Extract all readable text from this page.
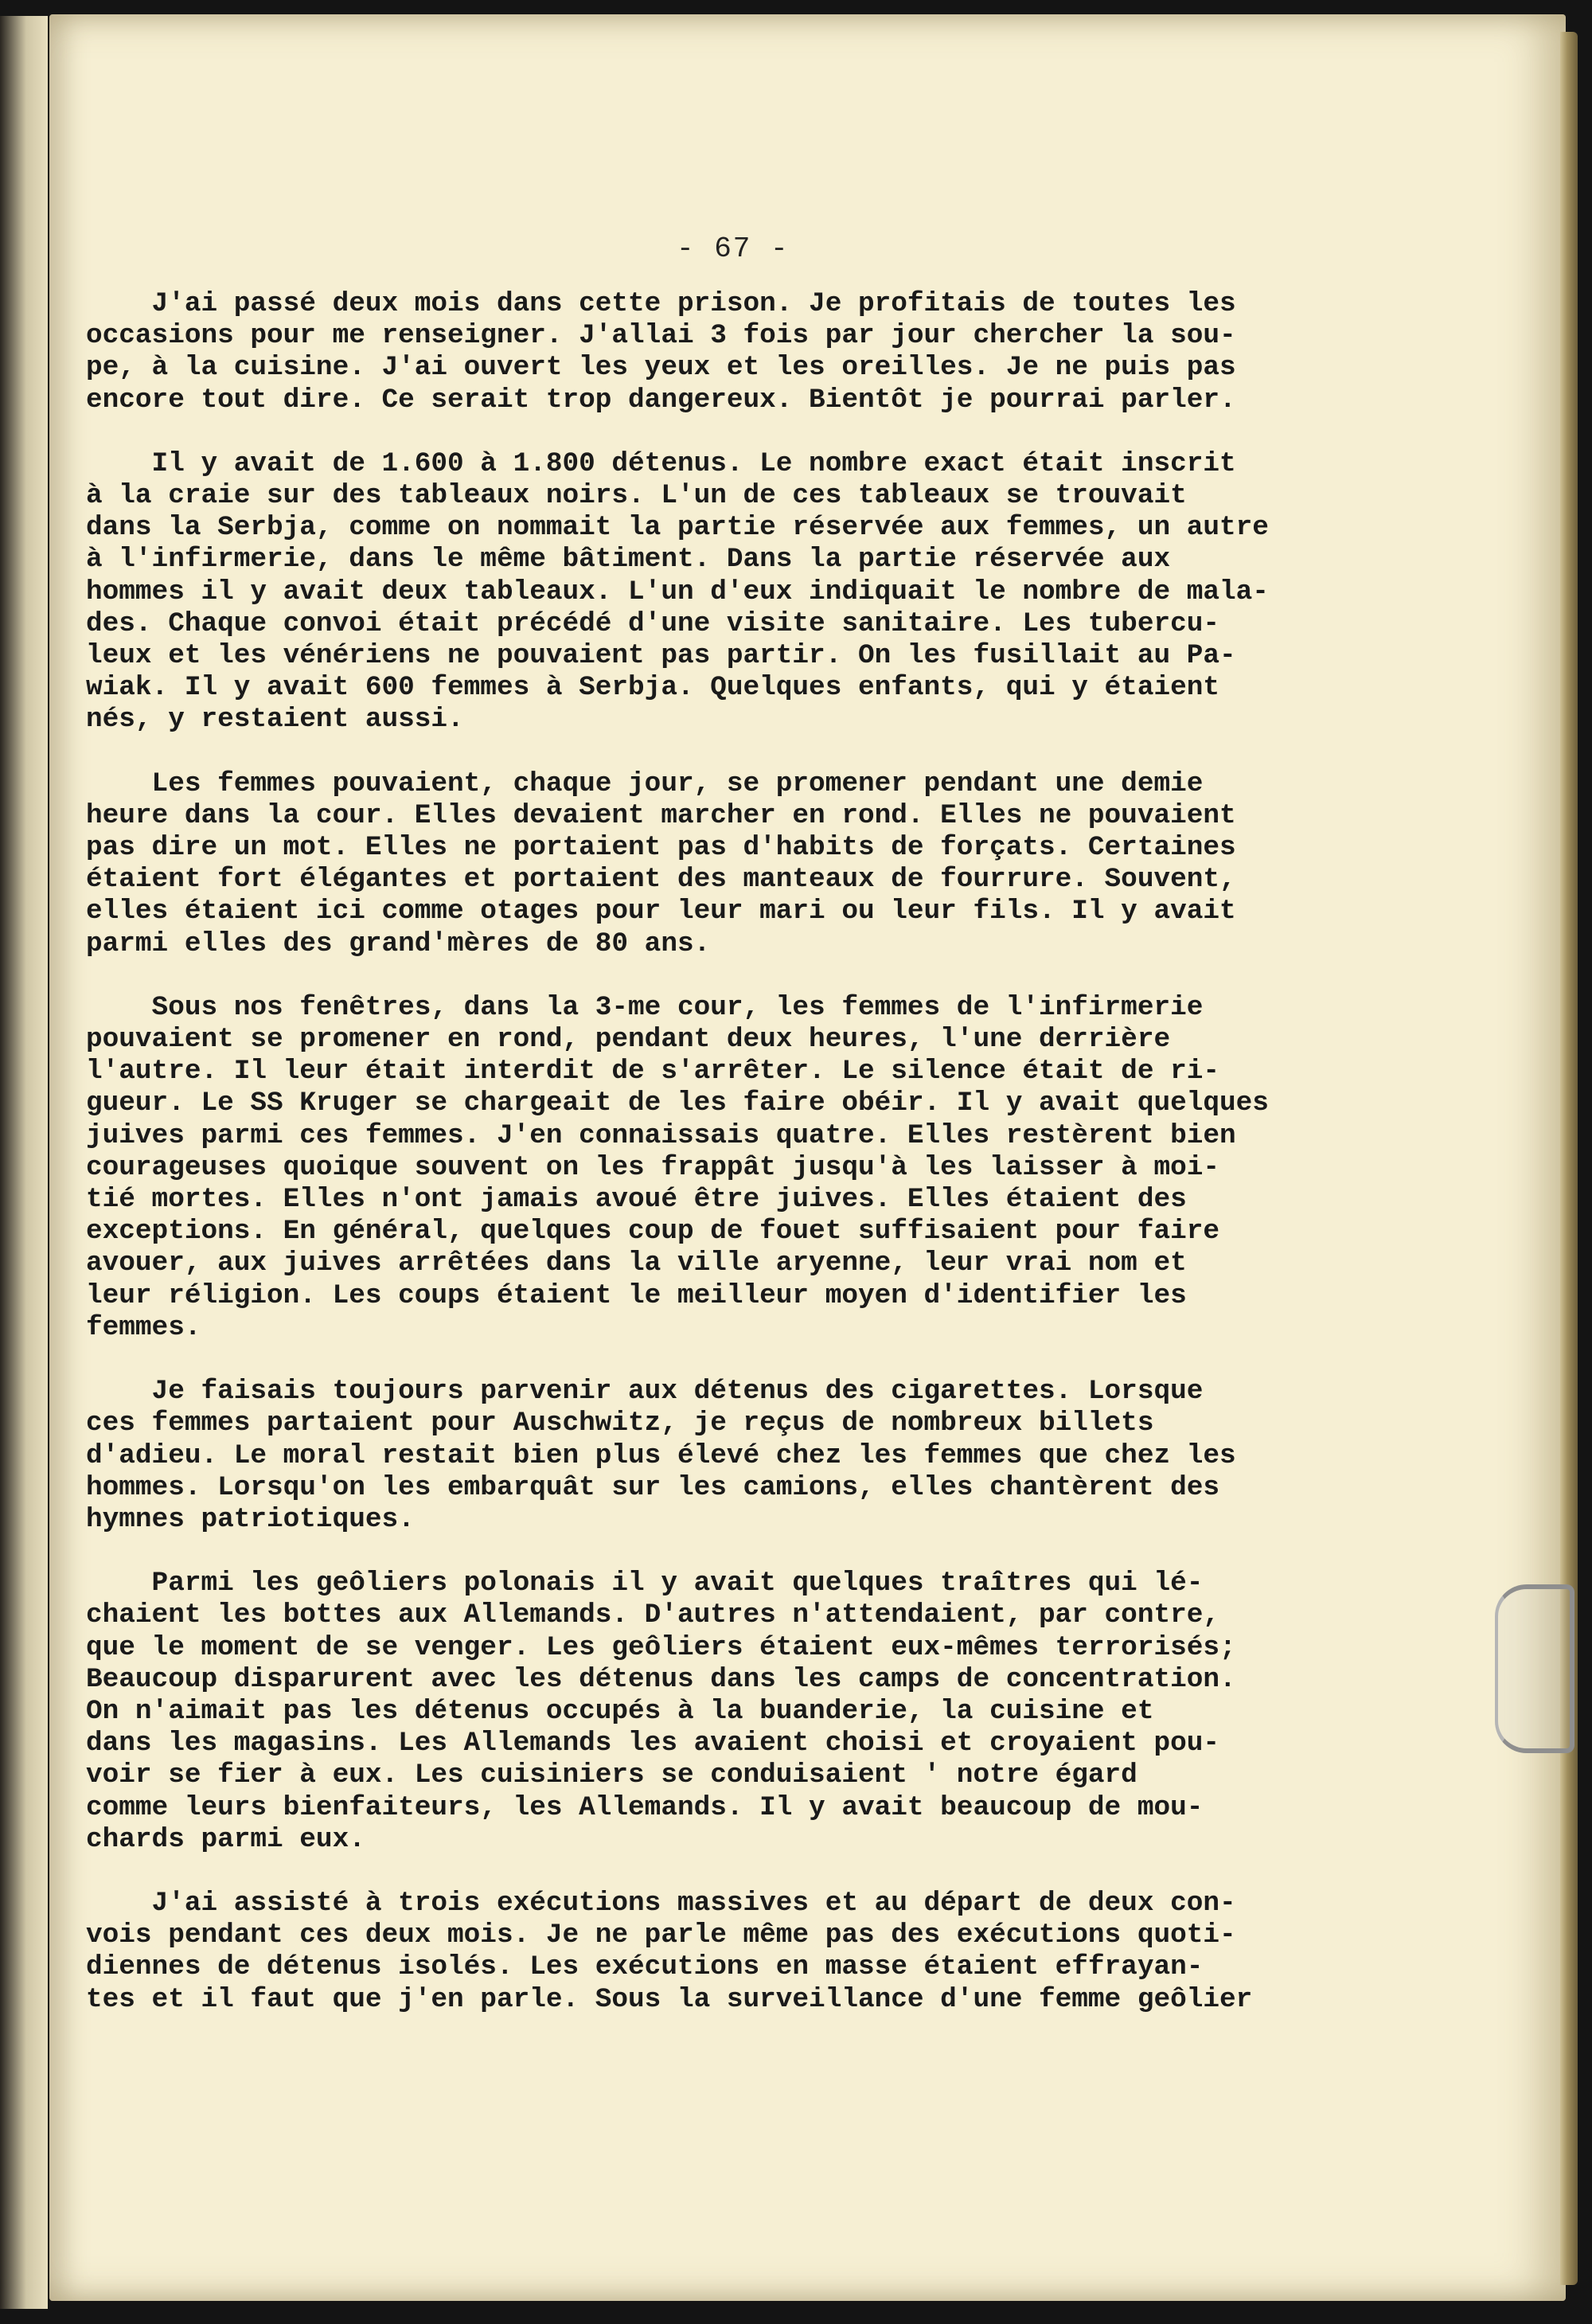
- 67 -
J'ai passé deux mois dans cette prison. Je profitais de toutes les
occasions pour me renseigner. J'allai 3 fois par jour chercher la sou-
pe, à la cuisine. J'ai ouvert les yeux et les oreilles. Je ne puis pas
encore tout dire. Ce serait trop dangereux. Bientôt je pourrai parler.
Il y avait de 1.600 à 1.800 détenus. Le nombre exact était inscrit
à la craie sur des tableaux noirs. L'un de ces tableaux se trouvait
dans la Serbja, comme on nommait la partie réservée aux femmes, un autre
à l'infirmerie, dans le même bâtiment. Dans la partie réservée aux
hommes il y avait deux tableaux. L'un d'eux indiquait le nombre de mala-
des. Chaque convoi était précédé d'une visite sanitaire. Les tubercu-
leux et les vénériens ne pouvaient pas partir. On les fusillait au Pa-
wiak. Il y avait 600 femmes à Serbja. Quelques enfants, qui y étaient
nés, y restaient aussi.
Les femmes pouvaient, chaque jour, se promener pendant une demie
heure dans la cour. Elles devaient marcher en rond. Elles ne pouvaient
pas dire un mot. Elles ne portaient pas d'habits de forçats. Certaines
étaient fort élégantes et portaient des manteaux de fourrure. Souvent,
elles étaient ici comme otages pour leur mari ou leur fils. Il y avait
parmi elles des grand'mères de 80 ans.
Sous nos fenêtres, dans la 3-me cour, les femmes de l'infirmerie
pouvaient se promener en rond, pendant deux heures, l'une derrière
l'autre. Il leur était interdit de s'arrêter. Le silence était de ri-
gueur. Le SS Kruger se chargeait de les faire obéir. Il y avait quelques
juives parmi ces femmes. J'en connaissais quatre. Elles restèrent bien
courageuses quoique souvent on les frappât jusqu'à les laisser à moi-
tié mortes. Elles n'ont jamais avoué être juives. Elles étaient des
exceptions. En général, quelques coup de fouet suffisaient pour faire
avouer, aux juives arrêtées dans la ville aryenne, leur vrai nom et
leur réligion. Les coups étaient le meilleur moyen d'identifier les
femmes.
Je faisais toujours parvenir aux détenus des cigarettes. Lorsque
ces femmes partaient pour Auschwitz, je reçus de nombreux billets
d'adieu. Le moral restait bien plus élevé chez les femmes que chez les
hommes. Lorsqu'on les embarquât sur les camions, elles chantèrent des
hymnes patriotiques.
Parmi les geôliers polonais il y avait quelques traîtres qui lé-
chaient les bottes aux Allemands. D'autres n'attendaient, par contre,
que le moment de se venger. Les geôliers étaient eux-mêmes terrorisés;
Beaucoup disparurent avec les détenus dans les camps de concentration.
On n'aimait pas les détenus occupés à la buanderie, la cuisine et
dans les magasins. Les Allemands les avaient choisi et croyaient pou-
voir se fier à eux. Les cuisiniers se conduisaient ' notre égard
comme leurs bienfaiteurs, les Allemands. Il y avait beaucoup de mou-
chards parmi eux.
J'ai assisté à trois exécutions massives et au départ de deux con-
vois pendant ces deux mois. Je ne parle même pas des exécutions quoti-
diennes de détenus isolés. Les exécutions en masse étaient effrayan-
tes et il faut que j'en parle. Sous la surveillance d'une femme geôlier
